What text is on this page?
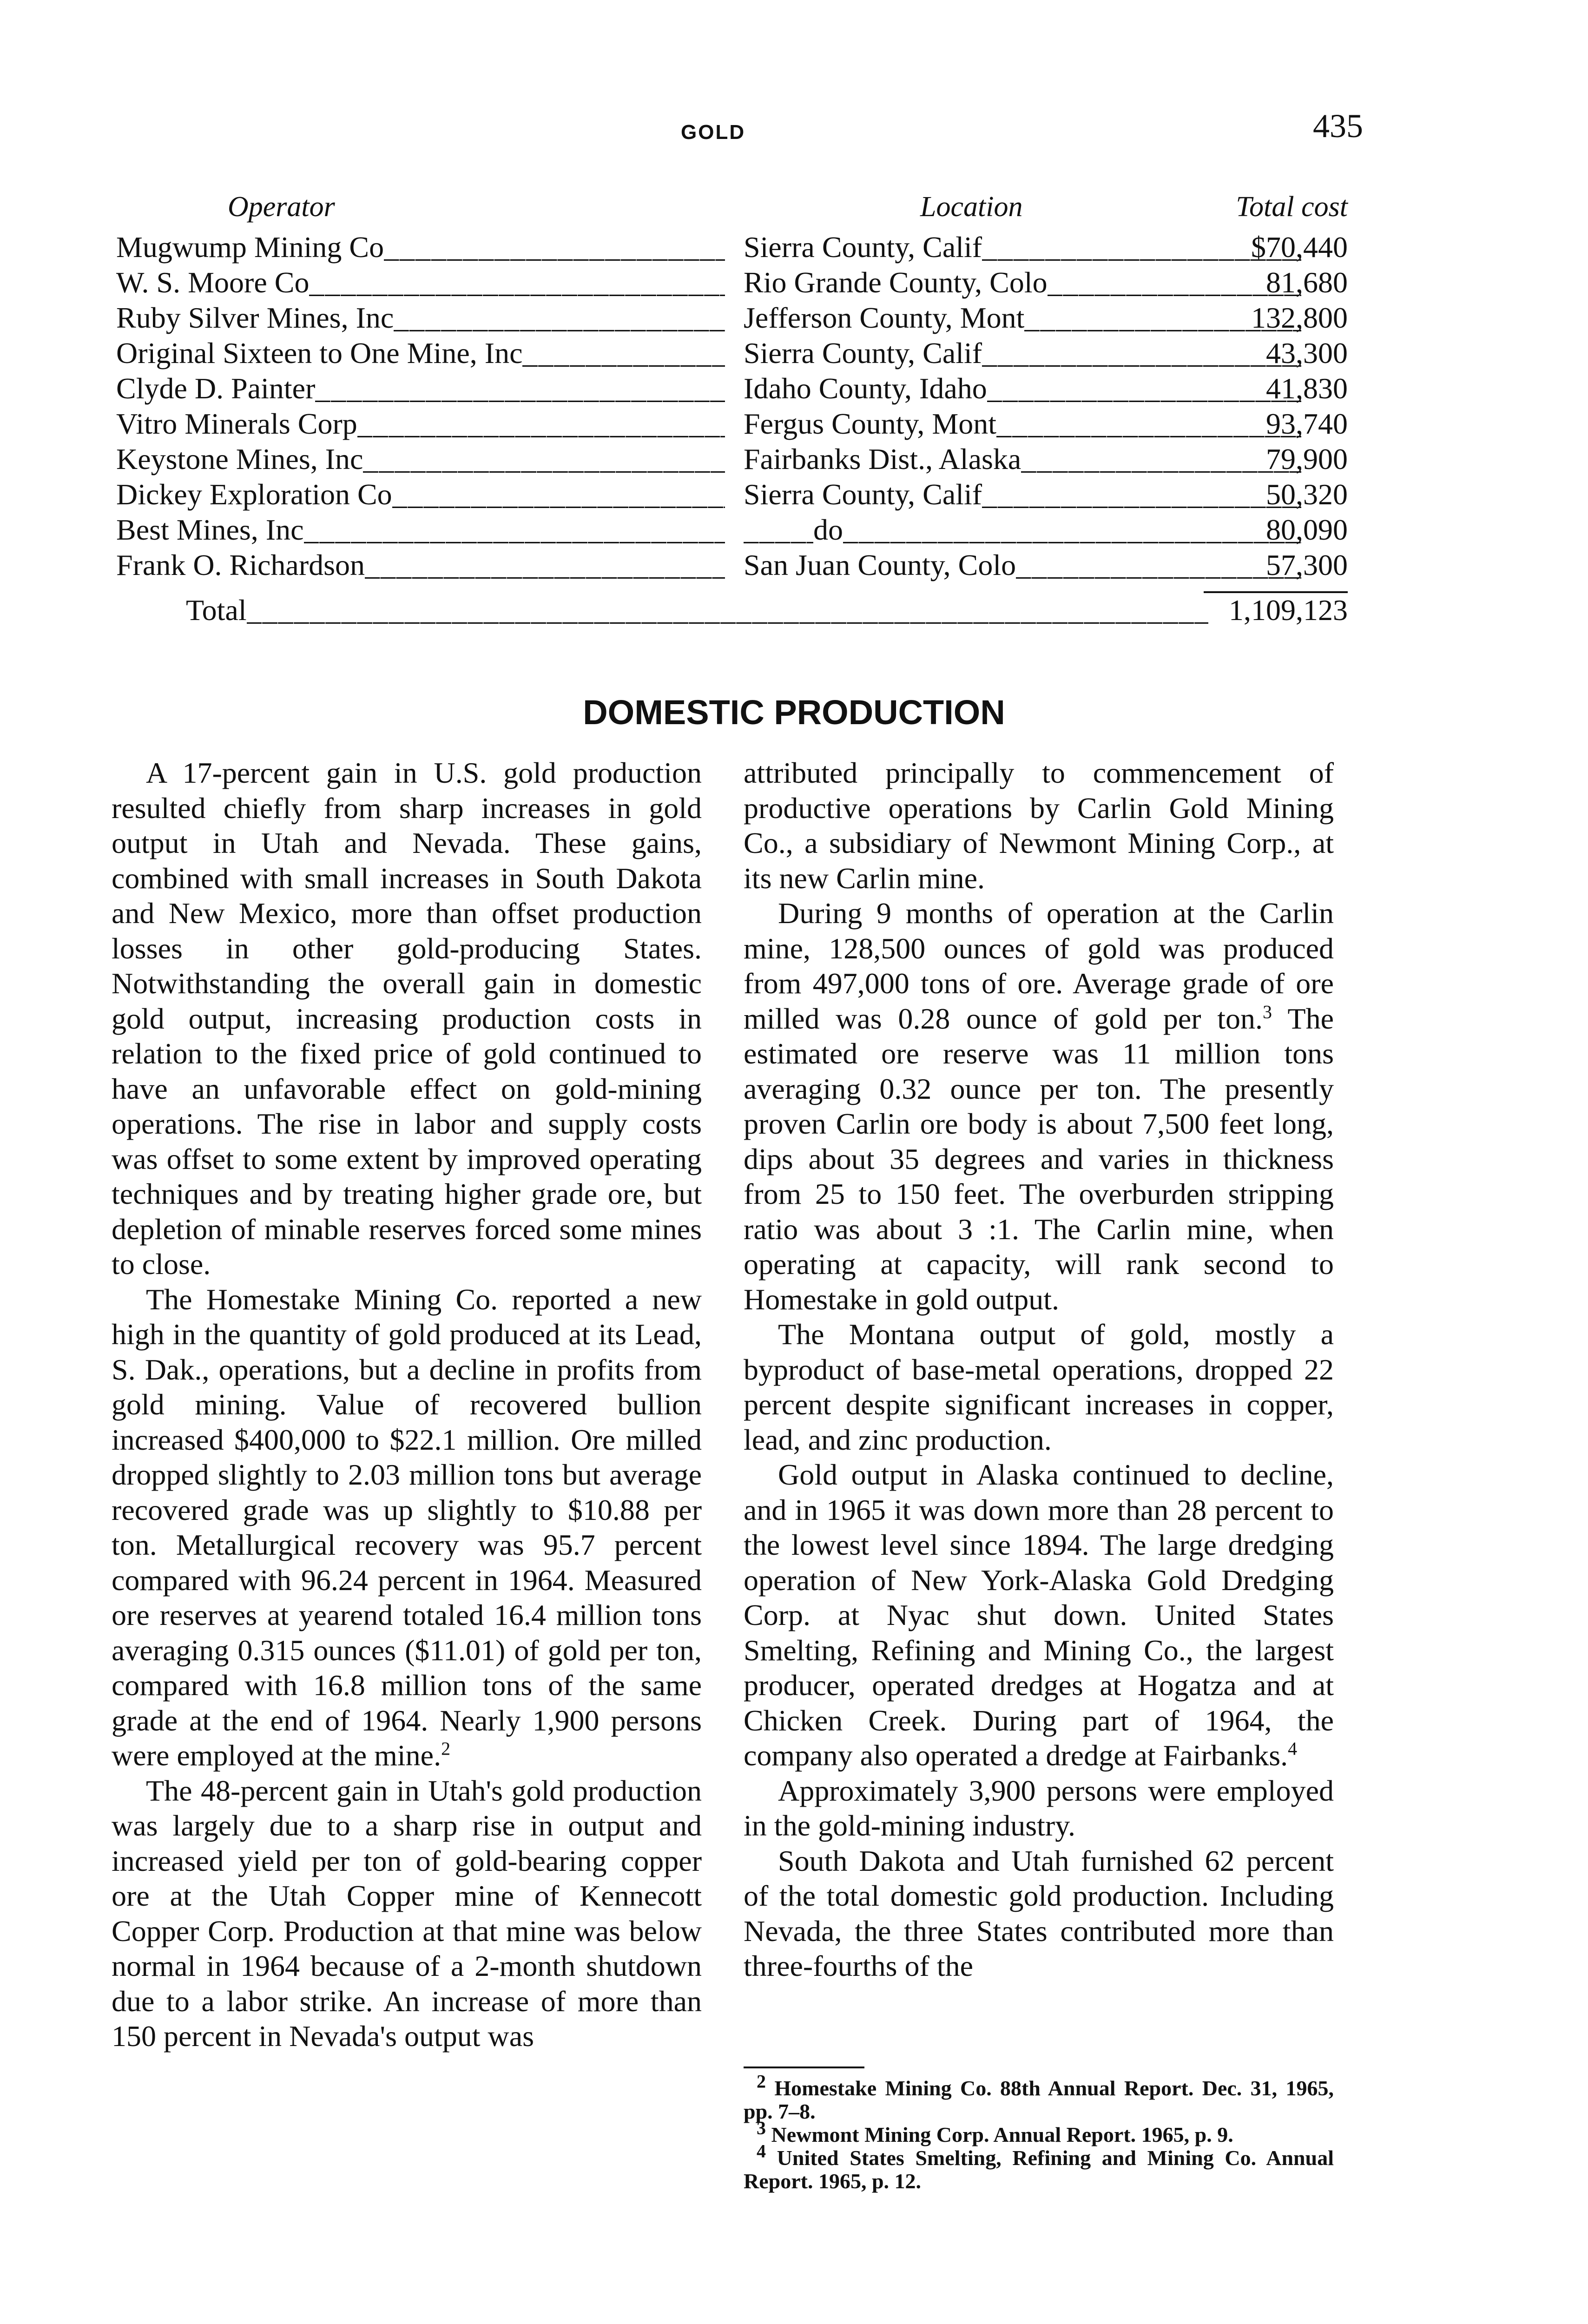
GOLD	435
Operator	Location	Total cost
Mugwump Mining Co _____	Sierra County, Calif _____	$70,440
W. S. Moore Co _____	Rio Grande County, Colo _____	81,680
Ruby Silver Mines, Inc _____	Jefferson County, Mont _____	132,800
Original Sixteen to One Mine, Inc _____	Sierra County, Calif _____	43,300
Clyde D. Painter _____	Idaho County, Idaho _____	41,830
Vitro Minerals Corp _____	Fergus County, Mont _____	93,740
Keystone Mines, Inc _____	Fairbanks Dist., Alaska _____	79,900
Dickey Exploration Co _____	Sierra County, Calif _____	50,320
Best Mines, Inc _____ _____	do _____	80,090
Frank O. Richardson _____	San Juan County, Colo _____	57,300
Total _____	1,109,123
DOMESTIC PRODUCTION

A 17-percent gain in U.S. gold production resulted chiefly from sharp increases in gold output in Utah and Nevada. These gains, combined with small increases in South Dakota and New Mexico, more than offset production losses in other gold-producing States. Notwithstanding the overall gain in domestic gold output, increasing production costs in relation to the fixed price of gold continued to have an unfavorable effect on gold-mining operations. The rise in labor and supply costs was offset to some extent by improved operating techniques and by treating higher grade ore, but depletion of minable reserves forced some mines to close.

The Homestake Mining Co. reported a new high in the quantity of gold produced at its Lead, S. Dak., operations, but a decline in profits from gold mining. Value of recovered bullion increased $400,000 to $22.1 million. Ore milled dropped slightly to 2.03 million tons but average recovered grade was up slightly to $10.88 per ton. Metallurgical recovery was 95.7 percent compared with 96.24 percent in 1964. Measured ore reserves at yearend totaled 16.4 million tons averaging 0.315 ounces ($11.01) of gold per ton, compared with 16.8 million tons of the same grade at the end of 1964. Nearly 1,900 persons were employed at the mine.$^2$

The 48-percent gain in Utah's gold production was largely due to a sharp rise in output and increased yield per ton of gold-bearing copper ore at the Utah Copper mine of Kennecott Copper Corp. Production at that mine was below normal in 1964 because of a 2-month shutdown due to a labor strike. An increase of more than 150 percent in Nevada's output was

attributed principally to commencement of productive operations by Carlin Gold Mining Co., a subsidiary of Newmont Mining Corp., at its new Carlin mine.

During 9 months of operation at the Carlin mine, 128,500 ounces of gold was produced from 497,000 tons of ore. Average grade of ore milled was 0.28 ounce of gold per ton.$^3$ The estimated ore reserve was 11 million tons averaging 0.32 ounce per ton. The presently proven Carlin ore body is about 7,500 feet long, dips about 35 degrees and varies in thickness from 25 to 150 feet. The overburden stripping ratio was about 3 :1. The Carlin mine, when operating at capacity, will rank second to Homestake in gold output.

The Montana output of gold, mostly a byproduct of base-metal operations, dropped 22 percent despite significant increases in copper, lead, and zinc production.

Gold output in Alaska continued to decline, and in 1965 it was down more than 28 percent to the lowest level since 1894. The large dredging operation of New York-Alaska Gold Dredging Corp. at Nyac shut down. United States Smelting, Refining and Mining Co., the largest producer, operated dredges at Hogatza and at Chicken Creek. During part of 1964, the company also operated a dredge at Fairbanks.$^4$

Approximately 3,900 persons were employed in the gold-mining industry.

South Dakota and Utah furnished 62 percent of the total domestic gold production. Including Nevada, the three States contributed more than three-fourths of the

$^2$ Homestake Mining Co. 88th Annual Report. Dec. 31, 1965, pp. 7–8.
$^3$ Newmont Mining Corp. Annual Report. 1965, p. 9.
$^4$ United States Smelting, Refining and Mining Co. Annual Report. 1965, p. 12.
